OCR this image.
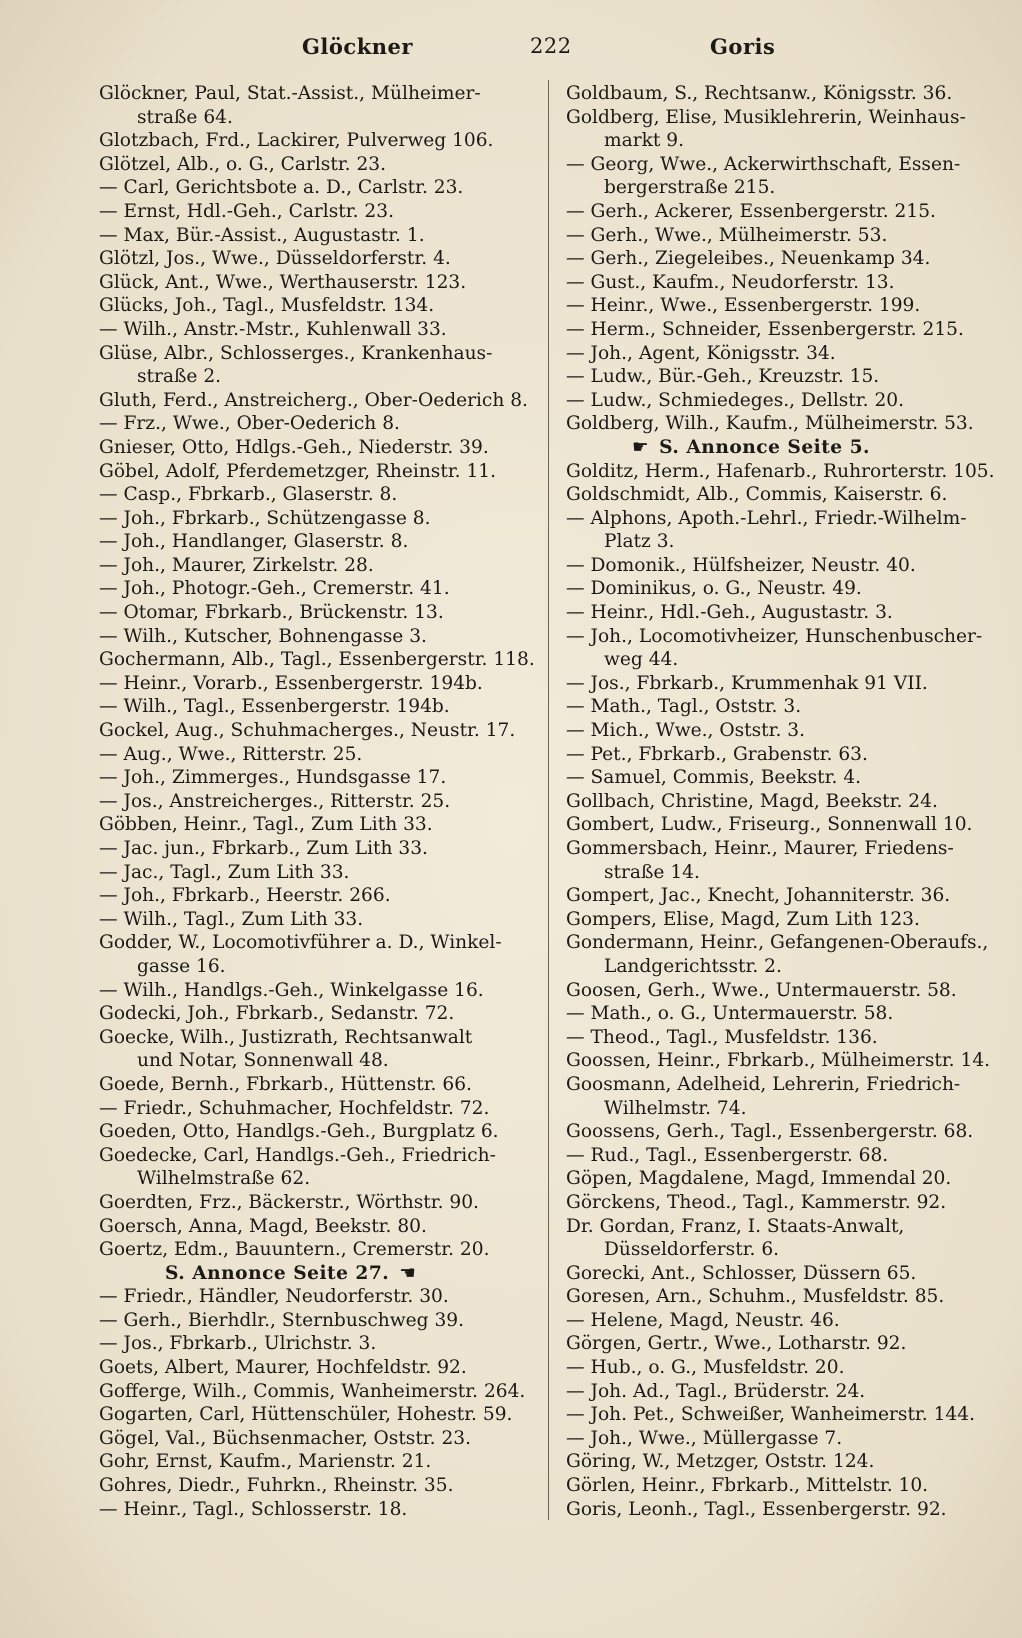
Glöckner	222	Goris
Glöckner, Paul, Stat.-Assist., Mülheimer-
straße 64.
Glotzbach, Frd., Lackirer, Pulverweg 106.
Glötzel, Alb., o. G., Carlstr. 23.
— Carl, Gerichtsbote a. D., Carlstr. 23.
— Ernst, Hdl.-Geh., Carlstr. 23.
— Max, Bür.-Assist., Augustastr. 1.
Glötzl, Jos., Wwe., Düsseldorferstr. 4.
Glück, Ant., Wwe., Werthauserstr. 123.
Glücks, Joh., Tagl., Musfeldstr. 134.
— Wilh., Anstr.-Mstr., Kuhlenwall 33.
Glüse, Albr., Schlosserges., Krankenhaus-
straße 2.
Gluth, Ferd., Anstreicherg., Ober-Oederich 8.
— Frz., Wwe., Ober-Oederich 8.
Gnieser, Otto, Hdlgs.-Geh., Niederstr. 39.
Göbel, Adolf, Pferdemetzger, Rheinstr. 11.
— Casp., Fbrkarb., Glaserstr. 8.
— Joh., Fbrkarb., Schützengasse 8.
— Joh., Handlanger, Glaserstr. 8.
— Joh., Maurer, Zirkelstr. 28.
— Joh., Photogr.-Geh., Cremerstr. 41.
— Otomar, Fbrkarb., Brückenstr. 13.
— Wilh., Kutscher, Bohnengasse 3.
Gochermann, Alb., Tagl., Essenbergerstr. 118.
— Heinr., Vorarb., Essenbergerstr. 194b.
— Wilh., Tagl., Essenbergerstr. 194b.
Gockel, Aug., Schuhmacherges., Neustr. 17.
— Aug., Wwe., Ritterstr. 25.
— Joh., Zimmerges., Hundsgasse 17.
— Jos., Anstreicherges., Ritterstr. 25.
Göbben, Heinr., Tagl., Zum Lith 33.
— Jac. jun., Fbrkarb., Zum Lith 33.
— Jac., Tagl., Zum Lith 33.
— Joh., Fbrkarb., Heerstr. 266.
— Wilh., Tagl., Zum Lith 33.
Godder, W., Locomotivführer a. D., Winkel-
gasse 16.
— Wilh., Handlgs.-Geh., Winkelgasse 16.
Godecki, Joh., Fbrkarb., Sedanstr. 72.
Goecke, Wilh., Justizrath, Rechtsanwalt
und Notar, Sonnenwall 48.
Goede, Bernh., Fbrkarb., Hüttenstr. 66.
— Friedr., Schuhmacher, Hochfeldstr. 72.
Goeden, Otto, Handlgs.-Geh., Burgplatz 6.
Goedecke, Carl, Handlgs.-Geh., Friedrich-
Wilhelmstraße 62.
Goerdten, Frz., Bäckerstr., Wörthstr. 90.
Goersch, Anna, Magd, Beekstr. 80.
Goertz, Edm., Bauuntern., Cremerstr. 20.
S. Annonce Seite 27. ☚
— Friedr., Händler, Neudorferstr. 30.
— Gerh., Bierhdlr., Sternbuschweg 39.
— Jos., Fbrkarb., Ulrichstr. 3.
Goets, Albert, Maurer, Hochfeldstr. 92.
Gofferge, Wilh., Commis, Wanheimerstr. 264.
Gogarten, Carl, Hüttenschüler, Hohestr. 59.
Gögel, Val., Büchsenmacher, Oststr. 23.
Gohr, Ernst, Kaufm., Marienstr. 21.
Gohres, Diedr., Fuhrkn., Rheinstr. 35.
— Heinr., Tagl., Schlosserstr. 18.
Goldbaum, S., Rechtsanw., Königsstr. 36.
Goldberg, Elise, Musiklehrerin, Weinhaus-
markt 9.
— Georg, Wwe., Ackerwirthschaft, Essen-
bergerstraße 215.
— Gerh., Ackerer, Essenbergerstr. 215.
— Gerh., Wwe., Mülheimerstr. 53.
— Gerh., Ziegeleibes., Neuenkamp 34.
— Gust., Kaufm., Neudorferstr. 13.
— Heinr., Wwe., Essenbergerstr. 199.
— Herm., Schneider, Essenbergerstr. 215.
— Joh., Agent, Königsstr. 34.
— Ludw., Bür.-Geh., Kreuzstr. 15.
— Ludw., Schmiedeges., Dellstr. 20.
Goldberg, Wilh., Kaufm., Mülheimerstr. 53.
☛ S. Annonce Seite 5.
Golditz, Herm., Hafenarb., Ruhrorterstr. 105.
Goldschmidt, Alb., Commis, Kaiserstr. 6.
— Alphons, Apoth.-Lehrl., Friedr.-Wilhelm-
Platz 3.
— Domonik., Hülfsheizer, Neustr. 40.
— Dominikus, o. G., Neustr. 49.
— Heinr., Hdl.-Geh., Augustastr. 3.
— Joh., Locomotivheizer, Hunschenbuscher-
weg 44.
— Jos., Fbrkarb., Krummenhak 91 VII.
— Math., Tagl., Oststr. 3.
— Mich., Wwe., Oststr. 3.
— Pet., Fbrkarb., Grabenstr. 63.
— Samuel, Commis, Beekstr. 4.
Gollbach, Christine, Magd, Beekstr. 24.
Gombert, Ludw., Friseurg., Sonnenwall 10.
Gommersbach, Heinr., Maurer, Friedens-
straße 14.
Gompert, Jac., Knecht, Johanniterstr. 36.
Gompers, Elise, Magd, Zum Lith 123.
Gondermann, Heinr., Gefangenen-Oberaufs.,
Landgerichtsstr. 2.
Goosen, Gerh., Wwe., Untermauerstr. 58.
— Math., o. G., Untermauerstr. 58.
— Theod., Tagl., Musfeldstr. 136.
Goossen, Heinr., Fbrkarb., Mülheimerstr. 14.
Goosmann, Adelheid, Lehrerin, Friedrich-
Wilhelmstr. 74.
Goossens, Gerh., Tagl., Essenbergerstr. 68.
— Rud., Tagl., Essenbergerstr. 68.
Göpen, Magdalene, Magd, Immendal 20.
Görckens, Theod., Tagl., Kammerstr. 92.
Dr. Gordan, Franz, I. Staats-Anwalt,
Düsseldorferstr. 6.
Gorecki, Ant., Schlosser, Düssern 65.
Goresen, Arn., Schuhm., Musfeldstr. 85.
— Helene, Magd, Neustr. 46.
Görgen, Gertr., Wwe., Lotharstr. 92.
— Hub., o. G., Musfeldstr. 20.
— Joh. Ad., Tagl., Brüderstr. 24.
— Joh. Pet., Schweißer, Wanheimerstr. 144.
— Joh., Wwe., Müllergasse 7.
Göring, W., Metzger, Oststr. 124.
Görlen, Heinr., Fbrkarb., Mittelstr. 10.
Goris, Leonh., Tagl., Essenbergerstr. 92.
